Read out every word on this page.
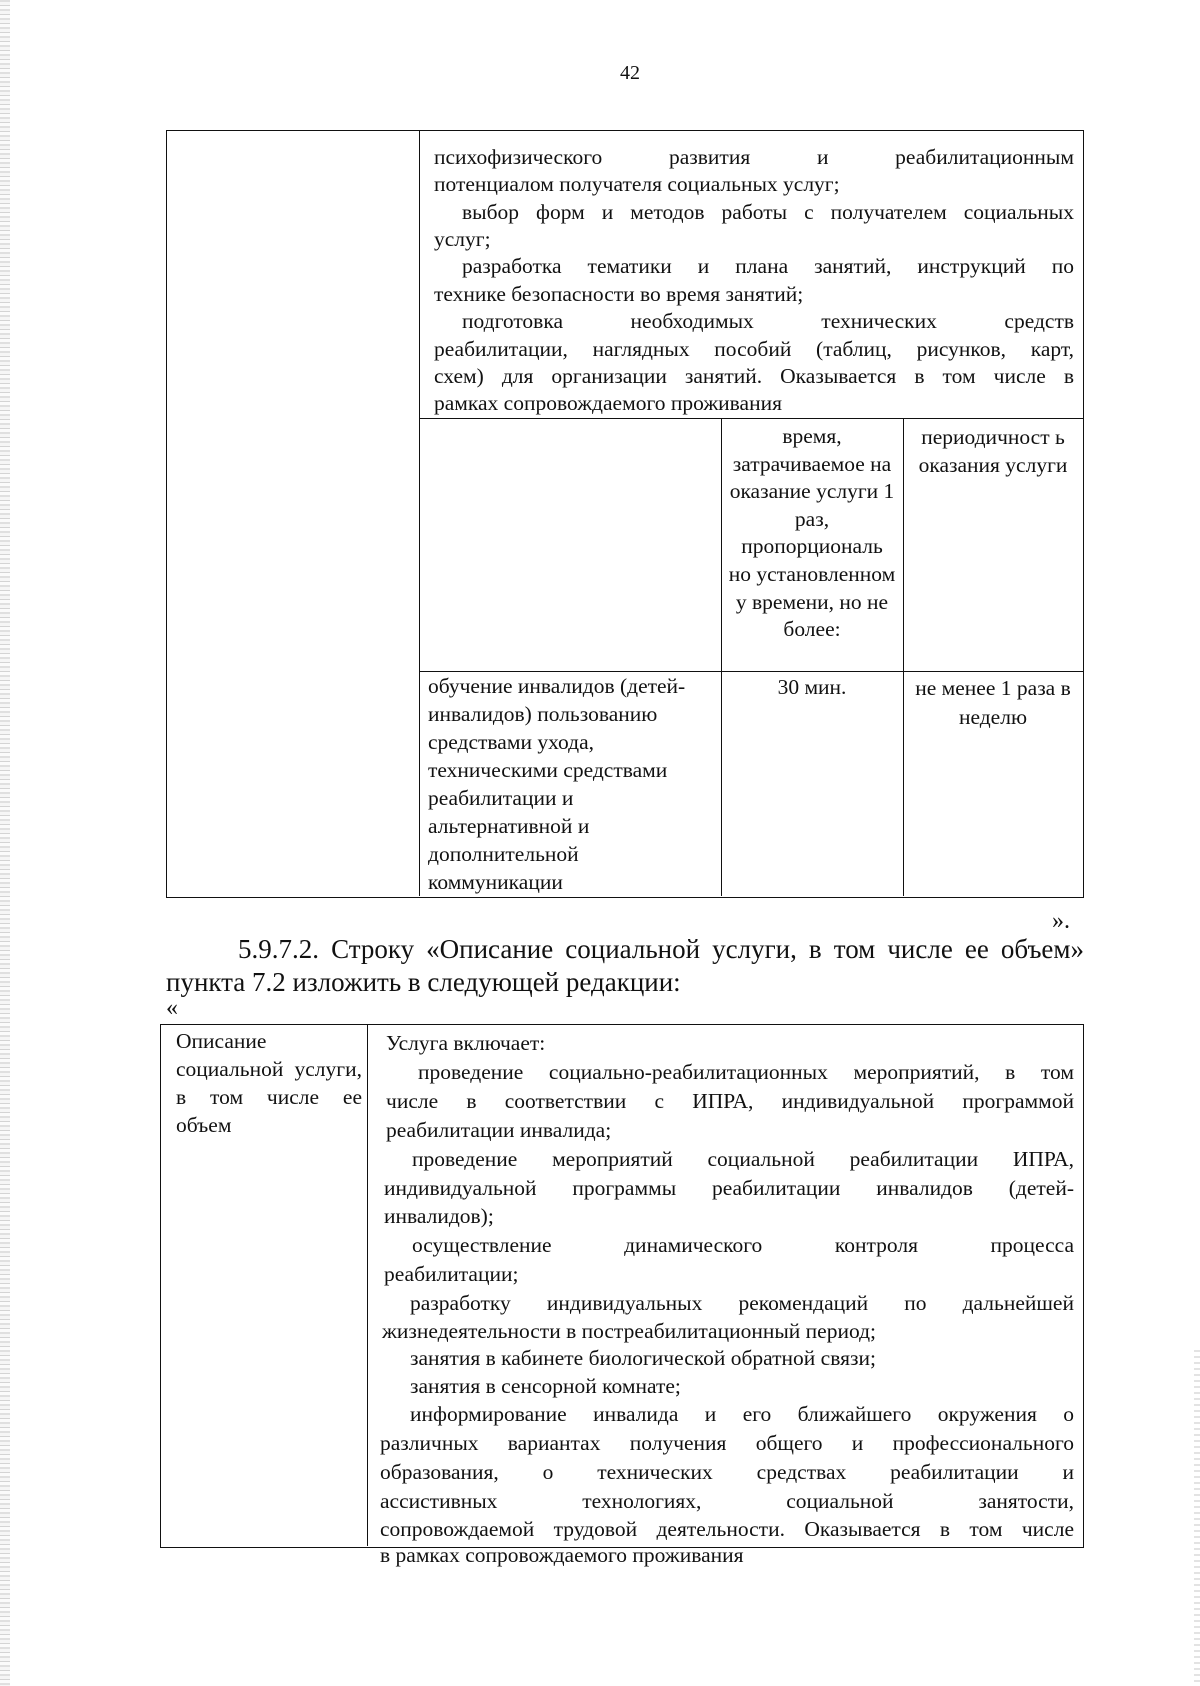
42
психофизического развития и реабилитационным
потенциалом получателя социальных услуг;
выбор форм и методов работы с получателем социальных
услуг;
разработка тематики и плана занятий, инструкций по
технике безопасности во время занятий;
подготовка необходимых технических средств
реабилитации, наглядных пособий (таблиц, рисунков, карт,
схем) для организации занятий. Оказывается в том числе в
рамках сопровождаемого проживания
время, затрачиваемое на оказание услуги 1 раз, пропорциональ но установленном у времени, но не более:
периодичност ь оказания услуги
обучение инвалидов (детей-инвалидов) пользованию средствами ухода, техническими средствами реабилитации и альтернативной и дополнительной коммуникации
30 мин.	не менее 1 раза в неделю
».
5.9.7.2. Строку «Описание социальной услуги, в том числе ее объем»
пункта 7.2 изложить в следующей редакции:
«
Описание социальной услуги, в том числе ее объем
Услуга включает:
проведение социально-реабилитационных мероприятий, в том
числе в соответствии с ИПРА, индивидуальной программой
реабилитации инвалида;
проведение мероприятий социальной реабилитации ИПРА,
индивидуальной программы реабилитации инвалидов (детей-
инвалидов);
осуществление динамического контроля процесса
реабилитации;
разработку индивидуальных рекомендаций по дальнейшей
жизнедеятельности в постреабилитационный период;
занятия в кабинете биологической обратной связи;
занятия в сенсорной комнате;
информирование инвалида и его ближайшего окружения о
различных вариантах получения общего и профессионального
образования, о технических средствах реабилитации и
ассистивных технологиях, социальной занятости,
сопровождаемой трудовой деятельности. Оказывается в том числе
в рамках сопровождаемого проживания
